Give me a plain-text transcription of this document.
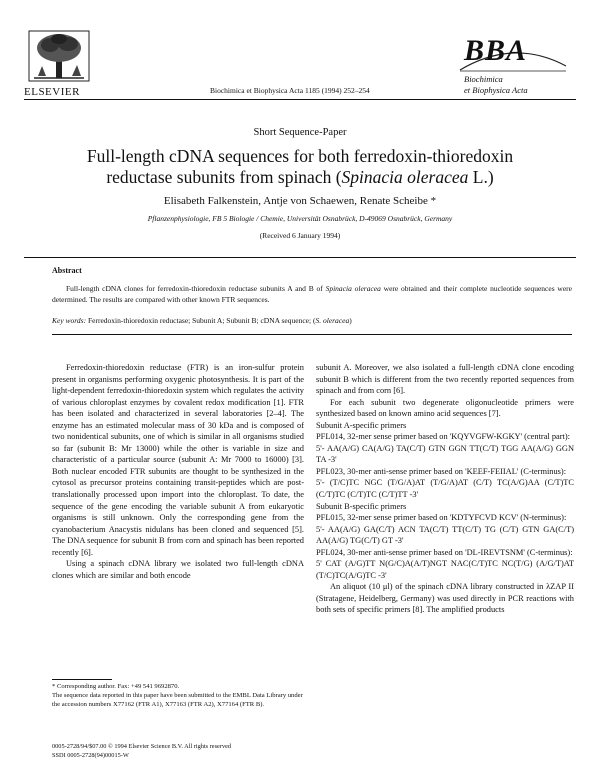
ELSEVIER	Biochimica et Biophysica Acta 1185 (1994) 252–254
BBA
Biochimica
et Biophysica Acta
Short Sequence-Paper
Full-length cDNA sequences for both ferredoxin-thioredoxin
reductase subunits from spinach (Spinacia oleracea L.)
Elisabeth Falkenstein, Antje von Schaewen, Renate Scheibe *
Pflanzenphysiologie, FB 5 Biologie / Chemie, Universität Osnabrück, D-49069 Osnabrück, Germany
(Received 6 January 1994)
Abstract
Full-length cDNA clones for ferredoxin-thioredoxin reductase subunits A and B of Spinacia oleracea were obtained and their complete nucleotide sequences were determined. The results are compared with other known FTR sequences.
Key words: Ferredoxin-thioredoxin reductase; Subunit A; Subunit B; cDNA sequence; (S. oleracea)

Ferredoxin-thioredoxin reductase (FTR) is an iron-sulfur protein present in organisms performing oxygenic photosynthesis. It is part of the light-dependent ferredoxin-thioredoxin system which regulates the activity of various chloroplast enzymes by covalent redox modification [1]. FTR has been isolated and characterized in several laboratories [2–4]. The enzyme has an estimated molecular mass of 30 kDa and is composed of two nonidentical subunits, one of which is similar in all organisms studied so far (subunit B: Mr 13000) while the other is variable in size and characteristic of a particular source (subunit A: Mr 7000 to 16000) [3]. Both nuclear encoded FTR subunits are thought to be synthesized in the cytosol as precursor proteins containing transit-peptides which are post-translationally processed upon import into the chloroplast. To date, the sequence of the gene encoding the variable subunit A from eukaryotic organisms is still unknown. Only the corresponding gene from the cyanobacterium Anacystis nidulans has been cloned and sequenced [5]. The DNA sequence for subunit B from corn and spinach has been reported recently [6].

Using a spinach cDNA library we isolated two full-length cDNA clones which are similar and both encode

subunit A. Moreover, we also isolated a full-length cDNA clone encoding subunit B which is different from the two recently reported sequences from spinach and from corn [6].

For each subunit two degenerate oligonucleotide primers were synthesized based on known amino acid sequences [7].

Subunit A-specific primers

PFL014, 32-mer sense primer based on 'KQYVGFW-KGKY' (central part):

5'- AA(A/G) CA(A/G) TA(C/T) GTN GGN TT(C/T) TGG AA(A/G) GGN TA -3'

PFL023, 30-mer anti-sense primer based on 'KEEF-FEIIAL' (C-terminus):

5'- (T/C)TC NGC (T/G/A)AT (T/G/A)AT (C/T) TC(A/G)AA (C/T)TC (C/T)TC (C/T)TC (C/T)TT -3'

Subunit B-specific primers

PFL015, 32-mer sense primer based on 'KDTYFCVD KCV' (N-terminus):

5'- AA(A/G) GA(C/T) ACN TA(C/T) TT(C/T) TG (C/T) GTN GA(C/T) AA(A/G) TG(C/T) GT -3'

PFL024, 30-mer anti-sense primer based on 'DL-IREVTSNM' (C-terminus):

5' CAT (A/G)TT N(G/C)A(A/T)NGT NAC(C/T)TC NC(T/G) (A/G/T)AT (T/C)TC(A/G)TC -3'

An aliquot (10 μl) of the spinach cDNA library constructed in λZAP II (Stratagene, Heidelberg, Germany) was used directly in PCR reactions with both sets of specific primers [8]. The amplified products

* Corresponding author. Fax: +49 541 9692870.
The sequence data reported in this paper have been submitted to the EMBL Data Library under the accession numbers X77162 (FTR A1), X77163 (FTR A2), X77164 (FTR B).
0005-2728/94/$07.00 © 1994 Elsevier Science B.V. All rights reserved
SSDI 0005-2728(94)00015-W
